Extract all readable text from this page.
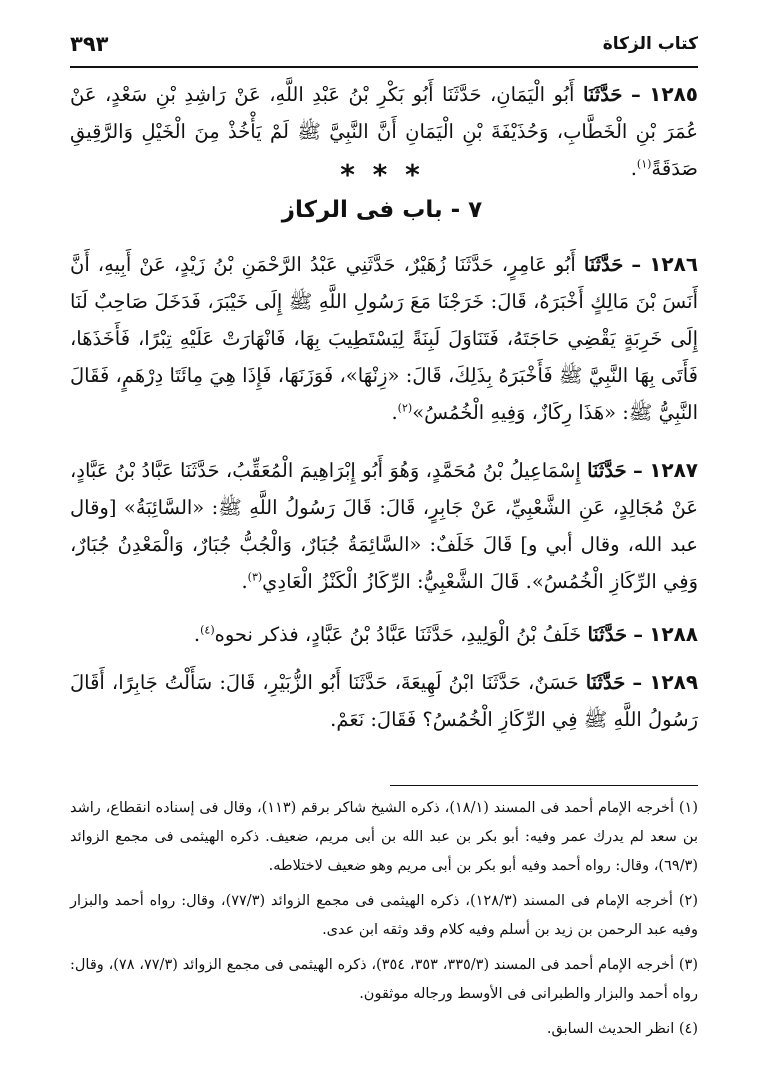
كتاب الزكاة
٣٩٣
١٢٨٥ – حَدَّثَنَا أَبُو الْيَمَانِ، حَدَّثَنَا أَبُو بَكْرِ بْنُ عَبْدِ اللَّهِ، عَنْ رَاشِدِ بْنِ سَعْدٍ، عَنْ عُمَرَ بْنِ الْخَطَّابِ، وَحُذَيْفَةَ بْنِ الْيَمَانِ أَنَّ النَّبِيَّ ﷺ لَمْ يَأْخُذْ مِنَ الْخَيْلِ وَالرَّقِيقِ صَدَقَةً$^{(١)}$.
* * *
٧ - باب فى الركاز
١٢٨٦ – حَدَّثَنَا أَبُو عَامِرٍ، حَدَّثَنَا زُهَيْرٌ، حَدَّثَنِي عَبْدُ الرَّحْمَنِ بْنُ زَيْدٍ، عَنْ أَبِيهِ، أَنَّ أَنَسَ بْنَ مَالِكٍ أَخْبَرَهُ، قَالَ: خَرَجْنَا مَعَ رَسُولِ اللَّهِ ﷺ إِلَى خَيْبَرَ، فَدَخَلَ صَاحِبٌ لَنَا إِلَى خَرِبَةٍ يَقْضِي حَاجَتَهُ، فَتَنَاوَلَ لَبِنَةً لِيَسْتَطِيبَ بِهَا، فَانْهَارَتْ عَلَيْهِ تِبْرًا، فَأَخَذَهَا، فَأَتَى بِهَا النَّبِيَّ ﷺ فَأَخْبَرَهُ بِذَلِكَ، قَالَ: «زِنْهَا»، فَوَزَنَهَا، فَإِذَا هِيَ مِائَتَا دِرْهَمٍ، فَقَالَ النَّبِيُّ ﷺ: «هَذَا رِكَازٌ، وَفِيهِ الْخُمُسُ»$^{(٢)}$.
١٢٨٧ – حَدَّثَنَا إِسْمَاعِيلُ بْنُ مُحَمَّدٍ، وَهُوَ أَبُو إِبْرَاهِيمَ الْمُعَقِّبُ، حَدَّثَنَا عَبَّادُ بْنُ عَبَّادٍ، عَنْ مُجَالِدٍ، عَنِ الشَّعْبِيِّ، عَنْ جَابِرٍ، قَالَ: قَالَ رَسُولُ اللَّهِ ﷺ: «السَّائِبَةُ» [وقال عبد الله، وقال أبي و] قَالَ خَلَفٌ: «السَّائِمَةُ جُبَارٌ، وَالْجُبُّ جُبَارٌ، وَالْمَعْدِنُ جُبَارٌ، وَفِي الرِّكَازِ الْخُمُسُ». قَالَ الشَّعْبِيُّ: الرِّكَازُ الْكَنْزُ الْعَادِي$^{(٣)}$.
١٢٨٨ – حَدَّثَنَا خَلَفُ بْنُ الْوَلِيدِ، حَدَّثَنَا عَبَّادُ بْنُ عَبَّادٍ، فذكر نحوه$^{(٤)}$.
١٢٨٩ – حَدَّثَنَا حَسَنٌ، حَدَّثَنَا ابْنُ لَهِيعَةَ، حَدَّثَنَا أَبُو الزُّبَيْرِ، قَالَ: سَأَلْتُ جَابِرًا، أَقَالَ رَسُولُ اللَّهِ ﷺ فِي الرِّكَازِ الْخُمُسُ؟ فَقَالَ: نَعَمْ.

(١) أخرجه الإمام أحمد فى المسند (١٨/١)، ذكره الشيخ شاكر برقم (١١٣)، وقال فى إسناده انقطاع، راشد بن سعد لم يدرك عمر وفيه: أبو بكر بن عبد الله بن أبى مريم، ضعيف. ذكره الهيثمى فى مجمع الزوائد (٦٩/٣)، وقال: رواه أحمد وفيه أبو بكر بن أبى مريم وهو ضعيف لاختلاطه.

(٢) أخرجه الإمام فى المسند (١٢٨/٣)، ذكره الهيثمى فى مجمع الزوائد (٧٧/٣)، وقال: رواه أحمد والبزار وفيه عبد الرحمن بن زيد بن أسلم وفيه كلام وقد وثقه ابن عدى.

(٣) أخرجه الإمام أحمد فى المسند (٣٣٥/٣، ٣٥٣، ٣٥٤)، ذكره الهيثمى فى مجمع الزوائد (٧٧/٣، ٧٨)، وقال: رواه أحمد والبزار والطبرانى فى الأوسط ورجاله موثقون.

(٤) انظر الحديث السابق.
